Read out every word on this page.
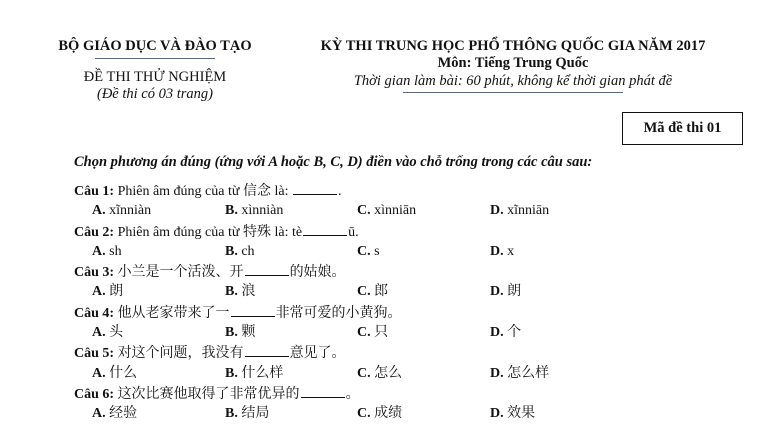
BỘ GIÁO DỤC VÀ ĐÀO TẠO
ĐỀ THI THỬ NGHIỆM
(Đề thi có 03 trang)
KỲ THI TRUNG HỌC PHỔ THÔNG QUỐC GIA NĂM 2017
Môn: Tiếng Trung Quốc
Thời gian làm bài: 60 phút, không kể thời gian phát đề
Mã đề thi 01
Chọn phương án đúng (ứng với A hoặc B, C, D) điền vào chỗ trống trong các câu sau:
Câu 1: Phiên âm đúng của từ 信念 là:	.
A. xĩnniàn	B. xìnniàn	C. xìnniān	D. xĩnniān
Câu 2: Phiên âm đúng của từ 特殊 là: tè	ū.
A. sh	B. ch	C. s	D. x
Câu 3: 小兰是一个活泼、开	的姑娘。
A. 朗	B. 浪	C. 郎	D. 朗
Câu 4: 他从老家带来了一	非常可爱的小黄狗。
A. 头	B. 颗	C. 只	D. 个
Câu 5: 对这个问题，我没有	意见了。
A. 什么	B. 什么样	C. 怎么	D. 怎么样
Câu 6: 这次比赛他取得了非常优异的	。
A. 经验	B. 结局	C. 成绩	D. 效果
